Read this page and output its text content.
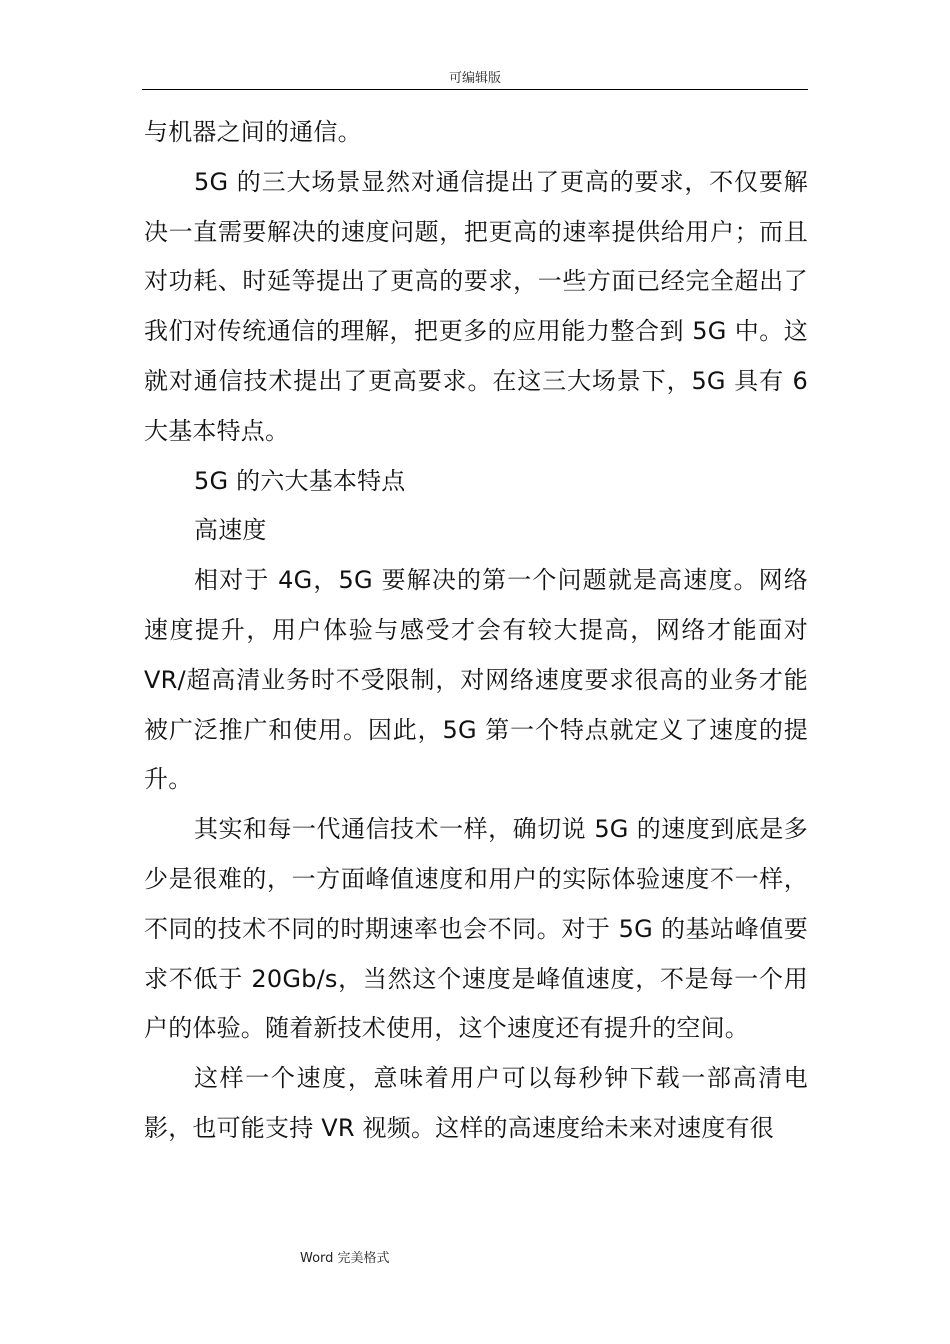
可编辑版

与机器之间的通信。

5G 的三大场景显然对通信提出了更高的要求，不仅要解决一直需要解决的速度问题，把更高的速率提供给用户；而且对功耗、时延等提出了更高的要求，一些方面已经完全超出了我们对传统通信的理解，把更多的应用能力整合到 5G 中。这就对通信技术提出了更高要求。在这三大场景下，5G 具有 6 大基本特点。

5G 的六大基本特点

高速度

相对于 4G，5G 要解决的第一个问题就是高速度。网络速度提升，用户体验与感受才会有较大提高，网络才能面对 VR/超高清业务时不受限制，对网络速度要求很高的业务才能被广泛推广和使用。因此，5G 第一个特点就定义了速度的提升。

其实和每一代通信技术一样，确切说 5G 的速度到底是多少是很难的，一方面峰值速度和用户的实际体验速度不一样，不同的技术不同的时期速率也会不同。对于 5G 的基站峰值要求不低于 20Gb/s，当然这个速度是峰值速度，不是每一个用户的体验。随着新技术使用，这个速度还有提升的空间。

这样一个速度，意味着用户可以每秒钟下载一部高清电影，也可能支持 VR 视频。这样的高速度给未来对速度有很

Word 完美格式
